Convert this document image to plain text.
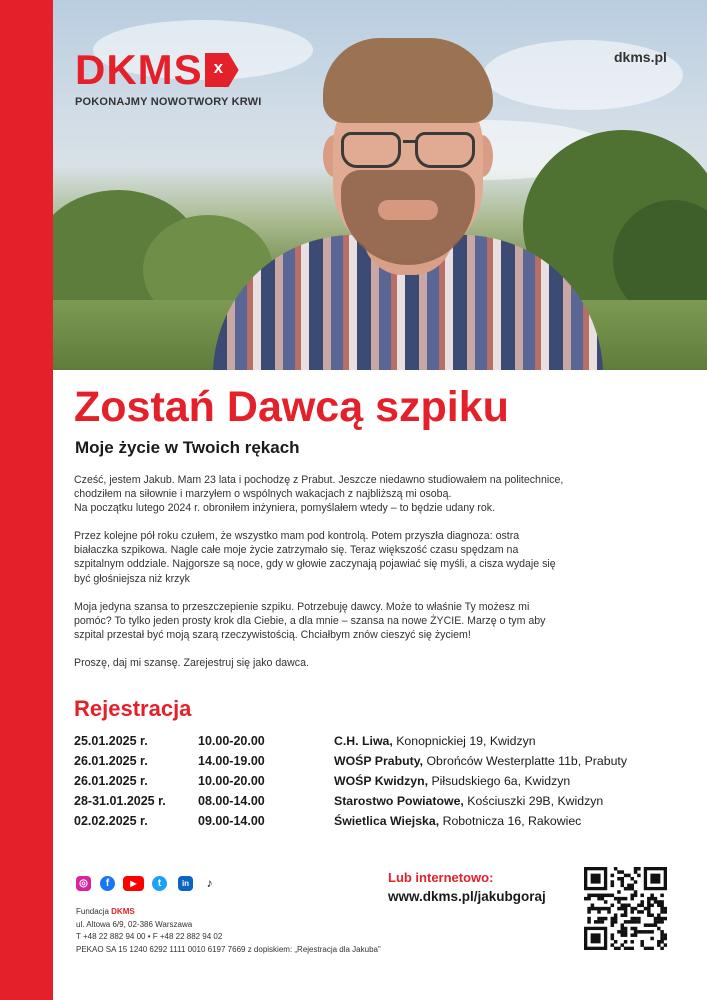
DKMS x
POKONAJMY NOWOTWORY KRWI
dkms.pl
Zostań Dawcą szpiku
Moje życie w Twoich rękach

Cześć, jestem Jakub. Mam 23 lata i pochodzę z Prabut. Jeszcze niedawno studiowałem na politechnice,
chodziłem na siłownie i marzyłem o wspólnych wakacjach z najbliższą mi osobą.
Na początku lutego 2024 r. obroniłem inżyniera, pomyślałem wtedy – to będzie udany rok.

Przez kolejne pół roku czułem, że wszystko mam pod kontrolą. Potem przyszła diagnoza: ostra
białaczka szpikowa. Nagle całe moje życie zatrzymało się. Teraz większość czasu spędzam na
szpitalnym oddziale. Najgorsze są noce, gdy w głowie zaczynają pojawiać się myśli, a cisza wydaje się
być głośniejsza niż krzyk

Moja jedyna szansa to przeszczepienie szpiku. Potrzebuję dawcy. Może to właśnie Ty możesz mi
pomóc? To tylko jeden prosty krok dla Ciebie, a dla mnie – szansa na nowe ŻYCIE. Marzę o tym aby
szpital przestał być moją szarą rzeczywistością. Chciałbym znów cieszyć się życiem!

Proszę, daj mi szansę. Zarejestruj się jako dawca.

Rejestracja
25.01.2025 r.	10.00-20.00	C.H. Liwa, Konopnickiej 19, Kwidzyn
26.01.2025 r.	14.00-19.00	WOŚP Prabuty, Obrońców Westerplatte 11b, Prabuty
26.01.2025 r.	10.00-20.00	WOŚP Kwidzyn, Piłsudskiego 6a, Kwidzyn
28-31.01.2025 r.	08.00-14.00	Starostwo Powiatowe, Kościuszki 29B, Kwidzyn
02.02.2025 r.	09.00-14.00	Świetlica Wiejska, Robotnicza 16, Rakowiec
◎	f	▶	t	in	♪
Fundacja DKMS
ul. Altowa 6/9, 02-386 Warszawa
T +48 22 882 94 00 • F +48 22 882 94 02
PEKAO SA 15 1240 6292 1111 0010 6197 7669 z dopiskiem: „Rejestracja dla Jakuba”
Lub internetowo:
www.dkms.pl/jakubgoraj
